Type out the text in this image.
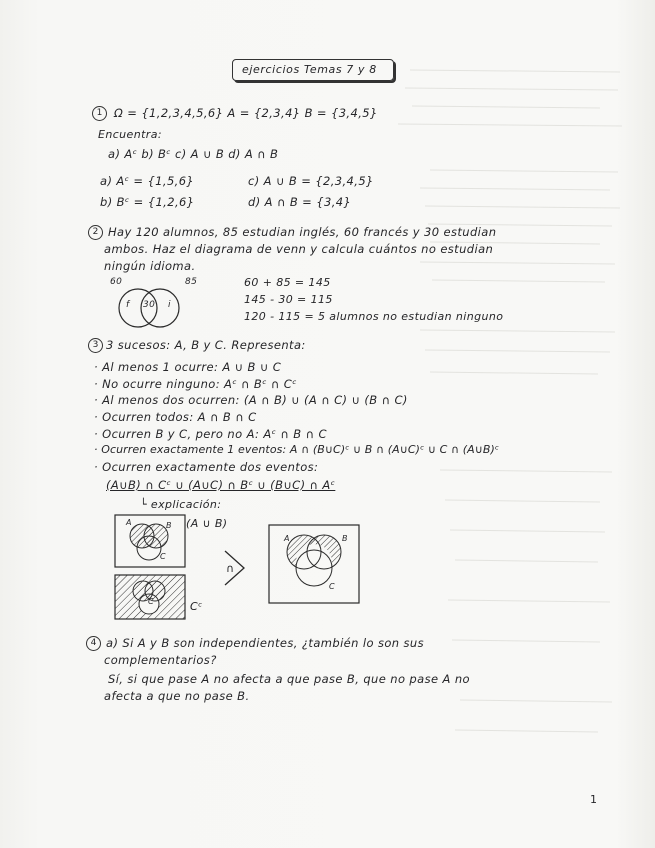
ejercicios Temas 7 y 8
1	Ω = {1,2,3,4,5,6} A = {2,3,4} B = {3,4,5}
Encuentra:
a) Aᶜ b) Bᶜ c) A ∪ B d) A ∩ B
a) Aᶜ = {1,5,6}	c) A ∪ B = {2,3,4,5}
b) Bᶜ = {1,2,6}	d) A ∩ B = {3,4}
2 Hay 120 alumnos, 85 estudian inglés, 60 francés y 30 estudian
ambos. Haz el diagrama de venn y calcula cuántos no estudian
ningún idioma.
60	85
f 30 i
60 + 85 = 145
145 - 30 = 115
120 - 115 = 5 alumnos no estudian ninguno
3 3 sucesos: A, B y C. Representa:
· Al menos 1 ocurre: A ∪ B ∪ C
· No ocurre ninguno: Aᶜ ∩ Bᶜ ∩ Cᶜ
· Al menos dos ocurren: (A ∩ B) ∪ (A ∩ C) ∪ (B ∩ C)
· Ocurren todos: A ∩ B ∩ C
· Ocurren B y C, pero no A: Aᶜ ∩ B ∩ C
· Ocurren exactamente 1 eventos: A ∩ (B∪C)ᶜ ∪ B ∩ (A∪C)ᶜ ∪ C ∩ (A∪B)ᶜ
· Ocurren exactamente dos eventos:
(A∪B) ∩ Cᶜ ∪ (A∪C) ∩ Bᶜ ∪ (B∪C) ∩ Aᶜ
└ explicación:
A	B
C
(A ∪ B)
C	Cᶜ
∩
A	B
C
4 a) Si A y B son independientes, ¿también lo son sus
complementarios?
Sí, si que pase A no afecta a que pase B, que no pase A no
afecta a que no pase B.
1
